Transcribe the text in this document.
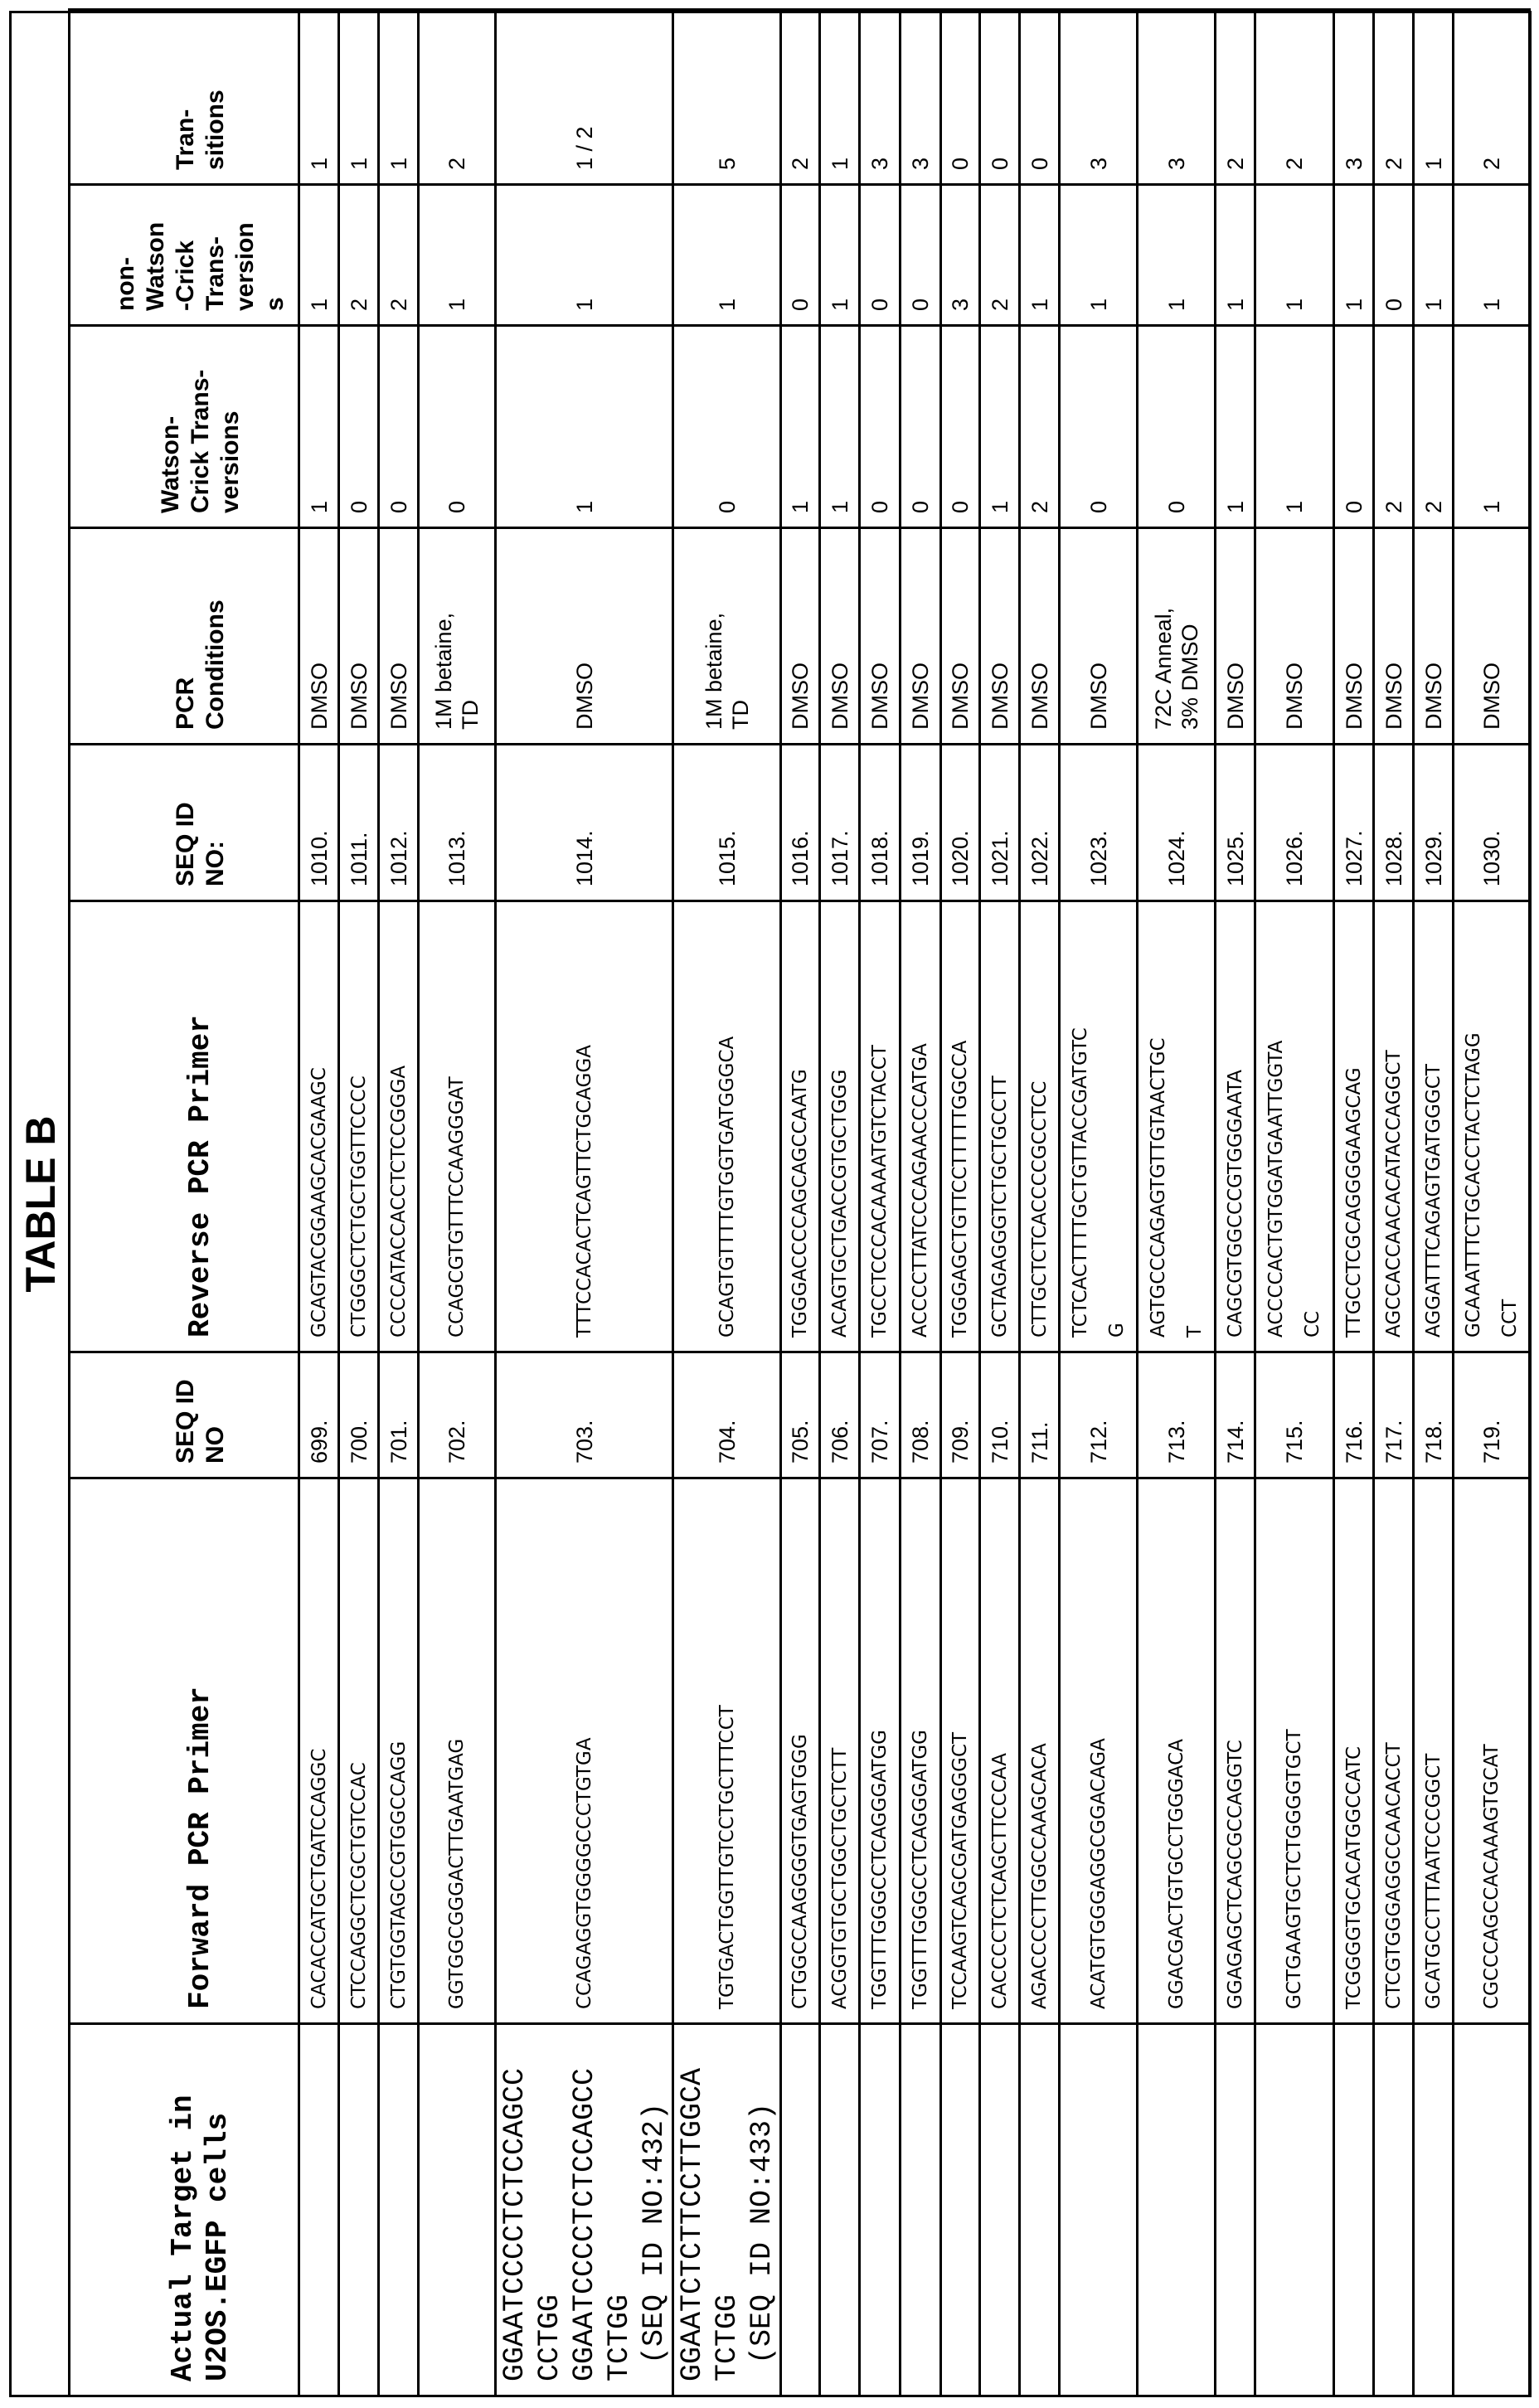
TABLE B
Actual Target in
U2OS.EGFP cells	Forward PCR Primer	SEQ ID
NO	Reverse PCR Primer	SEQ ID
NO:	PCR
Conditions	Watson-
Crick Trans-
versions	non-
Watson
-Crick
Trans-
version
s	Tran-
sitions
	CACACCATGCTGATCCAGGC	699.	GCAGTACGGAAGCACGAAGC	1010.	DMSO	1	1	1
	CTCCAGGCTCGCTGTCCAC	700.	CTGGGCTCTGCTGGTTCCCC	1011.	DMSO	0	2	1
	CTGTGGTAGCCGTGGCCAGG	701.	CCCCATACCACCTCTCCGGGA	1012.	DMSO	0	2	1
	GGTGGCGGGACTTGAATGAG	702.	CCAGCGTGTTTCCAAGGGAT	1013.	1M betaine,
TD	0	1	2
GGAATCCCCTCTCCAGCC
CCTGG
GGAATCCCCTCTCCAGCC
TCTGG
(SEQ ID NO:432)	CCAGAGGTGGGGCCCTGTGA	703.	TTTCCACACTCAGTTCTGCAGGA	1014.	DMSO	1	1	1 / 2
GGAATCTCTTCCTTGGCA
TCTGG
(SEQ ID NO:433)	TGTGACTGGTTGTCCTGCTTTCCT	704.	GCAGTGTTTTGTGGTGATGGGCA	1015.	1M betaine,
TD	0	1	5
	CTGGCCAAGGGGTGAGTGGG	705.	TGGGACCCCAGCAGCCAATG	1016.	DMSO	1	0	2
	ACGGTGTGCTGGCTGCTCTT	706.	ACAGTGCTGACCGTGCTGGG	1017.	DMSO	1	1	1
	TGGTTTGGGCCTCAGGGATGG	707.	TGCCTCCCACAAAATGTCTACCT	1018.	DMSO	0	0	3
	TGGTTTGGGCCTCAGGGATGG	708.	ACCCCTTATCCCAGAACCCATGA	1019.	DMSO	0	0	3
	TCCAAGTCAGCGATGAGGGCT	709.	TGGGAGCTGTTCCTTTTTGGCCA	1020.	DMSO	0	3	0
	CACCCCTCTCAGCTTCCCAA	710.	GCTAGAGGGTCTGCTGCCTT	1021.	DMSO	1	2	0
	AGACCCCTTGGCCAAGCACA	711.	CTTGCTCTCACCCCGCCTCC	1022.	DMSO	2	1	0
	ACATGTGGGAGGCGGACAGA	712.	TCTCACTTTTGCTGTTACCGATGTC
G	1023.	DMSO	0	1	3
	GGACGACTGTGCCTGGGACA	713.	AGTGCCCAGAGTGTTGTAACTGC
T	1024.	72C Anneal,
3% DMSO	0	1	3
	GGAGAGCTCAGCGCCAGGTC	714.	CAGCGTGGCCCGTGGGAATA	1025.	DMSO	1	1	2
	GCTGAAGTGCTCTGGGGTGCT	715.	ACCCCACTGTGGATGAATTGGTA
CC	1026.	DMSO	1	1	2
	TCGGGGTGCACATGGCCATC	716.	TTGCCTCGCAGGGGAAGCAG	1027.	DMSO	0	1	3
	CTCGTGGGAGGCCAACACCT	717.	AGCCACCAACACATACCAGGCT	1028.	DMSO	2	0	2
	GCATGCCTTTAATCCCGGCT	718.	AGGATTTCAGAGTGATGGGCT	1029.	DMSO	2	1	1
	CGCCCAGCCACAAAGTGCAT	719.	GCAAATTTCTGCACCTACTCTAGG
CCT	1030.	DMSO	1	1	2
